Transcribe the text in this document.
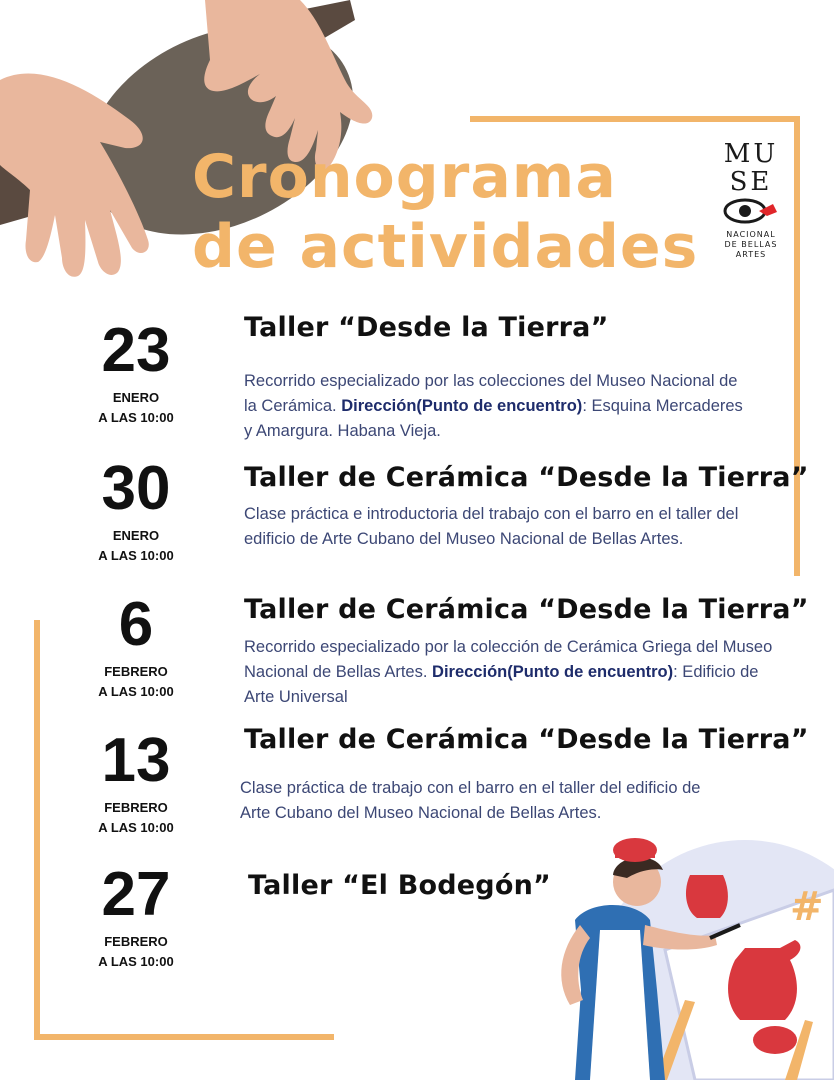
Cronograma
de actividades
MU
SE
NACIONAL
DE BELLAS
ARTES
23
ENERO
A LAS 10:00
Taller “Desde la Tierra”
Recorrido especializado por las colecciones del Museo Nacional de la Cerámica. Dirección(Punto de encuentro): Esquina Mercaderes y Amargura. Habana Vieja.
30
ENERO
A LAS 10:00
Taller de Cerámica “Desde la Tierra”
Clase práctica e introductoria del trabajo con el barro en el taller del edificio de Arte Cubano del Museo Nacional de Bellas Artes.
6
FEBRERO
A LAS 10:00
Taller de Cerámica “Desde la Tierra”
Recorrido especializado por la colección de Cerámica Griega del Museo Nacional de Bellas Artes. Dirección(Punto de encuentro): Edificio de Arte Universal
13
FEBRERO
A LAS 10:00
Taller de Cerámica “Desde la Tierra”
Clase práctica de trabajo con el barro en el taller del edificio de Arte Cubano del Museo Nacional de Bellas Artes.
27
FEBRERO
A LAS 10:00
Taller “El Bodegón”	#
